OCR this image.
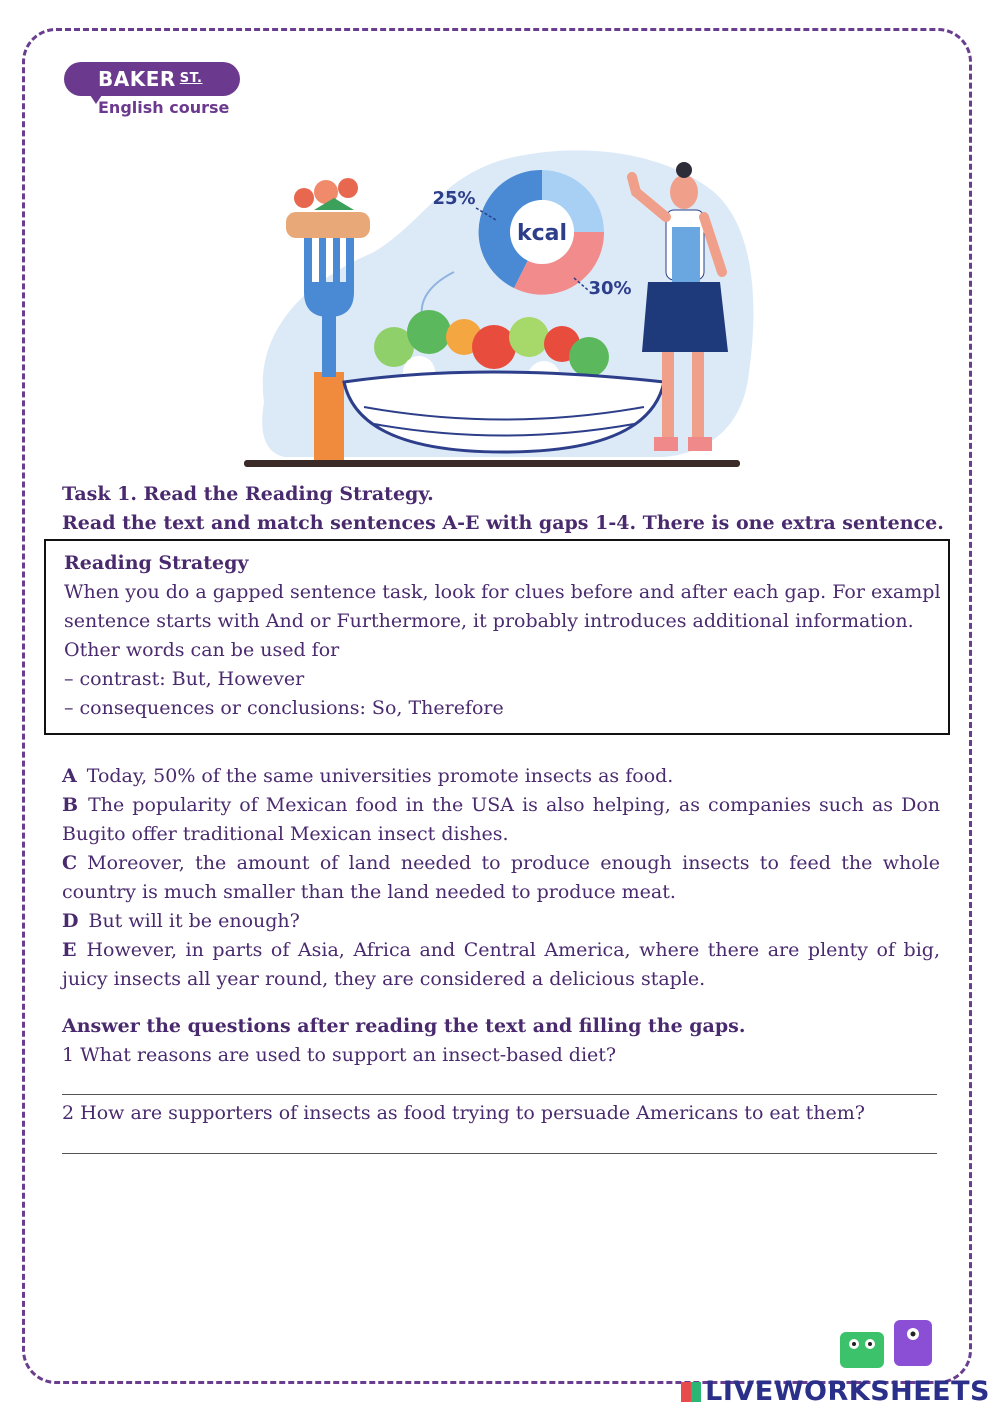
BAKER $^{ST.}$
English course
kcal
25%
30%
Task 1. Read the Reading Strategy.
Read the text and match sentences A-E with gaps 1-4. There is one extra sentence.
Reading Strategy
When you do a gapped sentence task, look for clues before and after each gap. For exampl
sentence starts with And or Furthermore, it probably introduces additional information.
Other words can be used for
– contrast: But, However
– consequences or conclusions: So, Therefore
A Today, 50% of the same universities promote insects as food.
B The popularity of Mexican food in the USA is also helping, as companies such as Don Bugito offer traditional Mexican insect dishes.
C Moreover, the amount of land needed to produce enough insects to feed the whole country is much smaller than the land needed to produce meat.
D But will it be enough?
E However, in parts of Asia, Africa and Central America, where there are plenty of big, juicy insects all year round, they are considered a delicious staple.
Answer the questions after reading the text and filling the gaps.
1 What reasons are used to support an insect-based diet?
2 How are supporters of insects as food trying to persuade Americans to eat them?
LIVEWORKSHEETS
